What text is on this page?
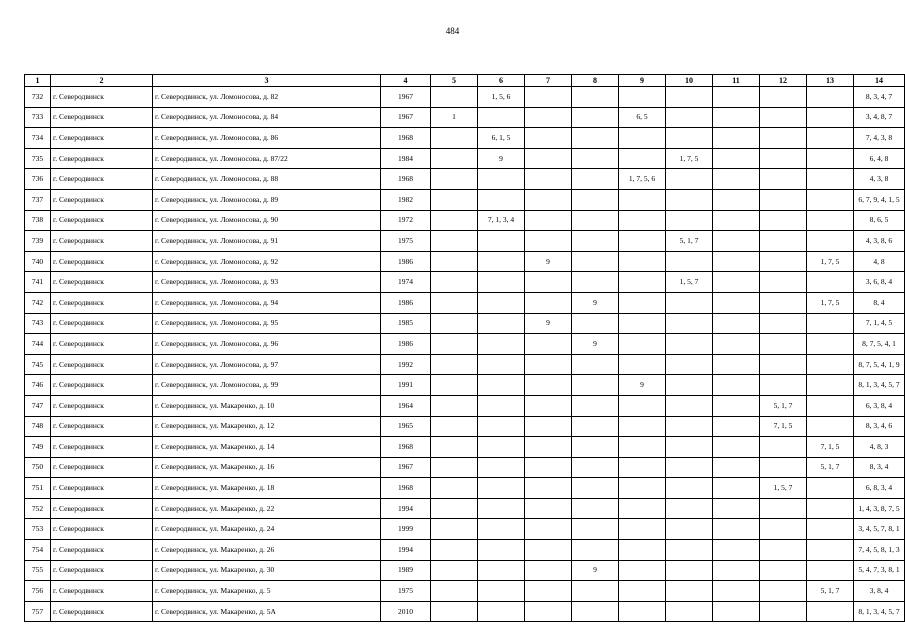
484
1	2	3	4	5	6	7	8	9	10	11	12	13	14
732	г. Северодвинск	г. Северодвинск, ул. Ломоносова, д. 82	1967		1, 5, 6								8, 3, 4, 7
733	г. Северодвинск	г. Северодвинск, ул. Ломоносова, д. 84	1967	1				6, 5					3, 4, 8, 7
734	г. Северодвинск	г. Северодвинск, ул. Ломоносова, д. 86	1968		6, 1, 5								7, 4, 3, 8
735	г. Северодвинск	г. Северодвинск, ул. Ломоносова, д. 87/22	1984		9				1, 7, 5				6, 4, 8
736	г. Северодвинск	г. Северодвинск, ул. Ломоносова, д. 88	1968					1, 7, 5, 6					4, 3, 8
737	г. Северодвинск	г. Северодвинск, ул. Ломоносова, д. 89	1982										6, 7, 9, 4, 1, 5
738	г. Северодвинск	г. Северодвинск, ул. Ломоносова, д. 90	1972		7, 1, 3, 4								8, 6, 5
739	г. Северодвинск	г. Северодвинск, ул. Ломоносова, д. 91	1975						5, 1, 7				4, 3, 8, 6
740	г. Северодвинск	г. Северодвинск, ул. Ломоносова, д. 92	1986			9						1, 7, 5	4, 8
741	г. Северодвинск	г. Северодвинск, ул. Ломоносова, д. 93	1974						1, 5, 7				3, 6, 8, 4
742	г. Северодвинск	г. Северодвинск, ул. Ломоносова, д. 94	1986				9					1, 7, 5	8, 4
743	г. Северодвинск	г. Северодвинск, ул. Ломоносова, д. 95	1985			9							7, 1, 4, 5
744	г. Северодвинск	г. Северодвинск, ул. Ломоносова, д. 96	1986				9						8, 7, 5, 4, 1
745	г. Северодвинск	г. Северодвинск, ул. Ломоносова, д. 97	1992										8, 7, 5, 4, 1, 9
746	г. Северодвинск	г. Северодвинск, ул. Ломоносова, д. 99	1991					9					8, 1, 3, 4, 5, 7
747	г. Северодвинск	г. Северодвинск, ул. Макаренко, д. 10	1964								5, 1, 7		6, 3, 8, 4
748	г. Северодвинск	г. Северодвинск, ул. Макаренко, д. 12	1965								7, 1, 5		8, 3, 4, 6
749	г. Северодвинск	г. Северодвинск, ул. Макаренко, д. 14	1968									7, 1, 5	4, 8, 3
750	г. Северодвинск	г. Северодвинск, ул. Макаренко, д. 16	1967									5, 1, 7	8, 3, 4
751	г. Северодвинск	г. Северодвинск, ул. Макаренко, д. 18	1968								1, 5, 7		6, 8, 3, 4
752	г. Северодвинск	г. Северодвинск, ул. Макаренко, д. 22	1994										1, 4, 3, 8, 7, 5
753	г. Северодвинск	г. Северодвинск, ул. Макаренко, д. 24	1999										3, 4, 5, 7, 8, 1
754	г. Северодвинск	г. Северодвинск, ул. Макаренко, д. 26	1994										7, 4, 5, 8, 1, 3
755	г. Северодвинск	г. Северодвинск, ул. Макаренко, д. 30	1989				9						5, 4, 7, 3, 8, 1
756	г. Северодвинск	г. Северодвинск, ул. Макаренко, д. 5	1975									5, 1, 7	3, 8, 4
757	г. Северодвинск	г. Северодвинск, ул. Макаренко, д. 5А	2010										8, 1, 3, 4, 5, 7
